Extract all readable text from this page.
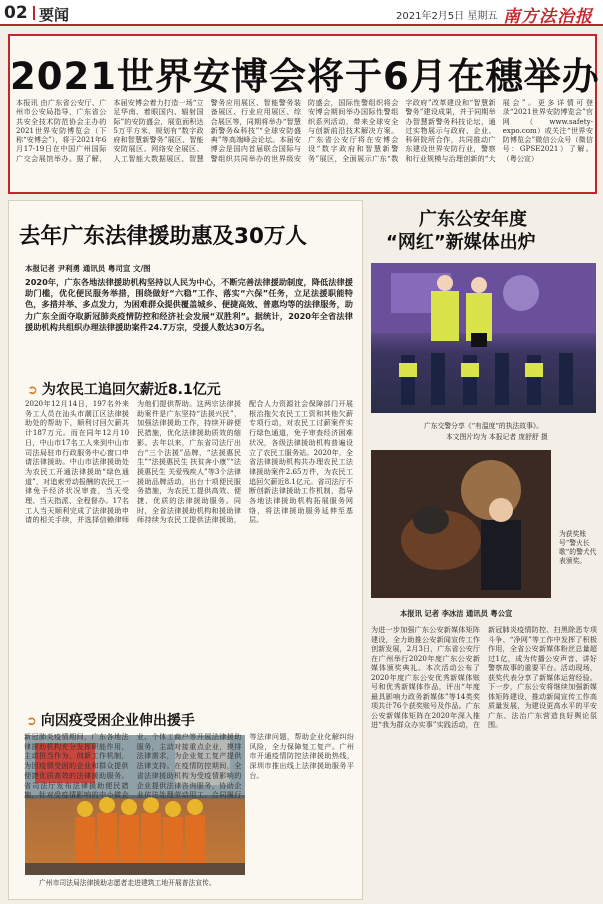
02 要闻	2021年2月5日 星期五 南方法治报
2021世界安博会将于6月在穗举办
本报讯 由广东省公安厅、广州市公安局指导，广东省公共安全技术防范协会主办的2021世界安防博览会（下称“安博会”），将于2021年6月17-19日在中国广州国际广交会展馆举办。据了解，本届安博会着力打造一场“立足华南、着眼国内、辐射国际”的安防盛会，展览面积达5万平方米，规划有“数字政府和智慧新警务”展区、智能安防展区、网络安全展区、人工智能大数据展区、智慧警务应用展区、智能警务装备展区、行业应用展区、综合展区等，同期将举办“智慧新警务&科技”“全球安防盛典”等高端峰会论坛。本届安博会是国内首届联合国际与警组织共同举办的世界级安防盛会，国际性警组织将会安博会期间举办国际性警组织系列活动，带来全球安全与创新前沿技术解决方案。广东省公安厅将在安博会设“数字政府和智慧新警务”展区，全面展示广东“数字政府”改革建设和“智慧新警务”建设成果，并于同期举办智慧新警务科技论坛，通过实物展示与政府、企业、科研院所合作，共同推动广东建设世界安防行业，警察和行业规模与治理创新的“大展会”。更多详情可登录“2021世界安防博览会”官网（www.safety-expo.com）或关注“世界安防博览会”微信公众号（微信号：GPSE2021）了解。（粤公宣）
去年广东法律援助惠及30万人
本报记者 尹利勇 通讯员 粤司宣 文/图
2020年，广东各地法律援助机构坚持以人民为中心，不断完善法律援助制度，降低法律援助门槛，优化便民服务举措，围绕做好“六稳”工作、落实“六保”任务，立足法援职能特色，多措并举、多点发力，为困难群众提供覆盖城乡、便捷高效、普惠均等的法律服务，助力广东全面夺取新冠肺炎疫情防控和经济社会发展“双胜利”。据统计，2020年全省法律援助机构共组织办理法律援助案件24.7万宗，受援人数达30万名。
➲ 为农民工追回欠薪近8.1亿元
2020年12月14日，197名外来务工人员在汕头市潮江区法律援助处的帮助下，顺利讨回欠薪共计187万元。而在同年12月10日，中山市17名工人来到中山市司法局驻市行政服务中心窗口申请法律援助。中山市法律援助处为农民工开通法律援助“绿色通道”，对追索劳动报酬的农民工一律免予经济状况审查，当天受理、当天指派、全程督办。17名工人当天顺利完成了法律援助申请的相关手续，并选择信赖律师为他们提供帮助。这两宗法律援助案件是广东坚持“法援兴民”，加强法律援助工作，持续开辟便民措施，优化法律援助质效的缩影。去年以来，广东省司法厅出台“三个法援”品牌，“法援惠民生”“法援惠民生 扶贫奔小康”“法援惠民生 关爱残疾人”等3个法律援助品牌活动，出台十项便民服务措施，为农民工提供高效、便捷、优质的法律援助服务。同时，全省法律援助机构和援助律师持续为农民工提供法律援助，配合人力资源社会保障部门开展根治拖欠农民工工资和其他欠薪专项行动，对农民工讨薪案件实行绿色通道，免予审查经济困难状况，各级法律援助机构普遍设立了农民工服务站。2020年，全省法律援助机构共办理农民工法律援助案件2.65万件，为农民工追回欠薪近8.1亿元。省司法厅不断创新法律援助工作机制，指导各地法律援助机构拓展服务网络，将法律援助服务延伸至基层。
广州市司法局法律援助志愿者走进建筑工地开展普法宣传。
➲ 向因疫受困企业伸出援手
新冠肺炎疫情期间，广东各地法律援助机构充分发挥职能作用，主动担当作为，创新工作机制，为因疫情受困的企业和群众提供便捷优质高效的法律援助服务。省司法厅发布法律援助便民措施，针对受疫情影响的中小微企业、个体工商户等开展法律援助服务，主动对接重点企业，摸排法律需求，为企业复工复产提供法律支持。在疫情防控期间，全省法律援助机构为受疫情影响的企业提供法律咨询服务，协助企业依法处理劳动用工、合同履行等法律问题，帮助企业化解纠纷风险，全力保障复工复产。广州市开通疫情防控法律援助热线，深圳市推出线上法律援助服务平台。
广东公安年度
“网红”新媒体出炉
广东交警分享《“有温度”的执法故事》。
本文图片均为 本报记者 庞舒舒 摄
为获奖账号“警火长歌”的警犬代表颁奖。
本报讯 记者 李冰洁 通讯员 粤公宣
为进一步加强广东公安新媒体矩阵建设，全力助推公安新闻宣传工作创新发展，2月3日，广东省公安厅在广州举行2020年度广东公安新媒体颁奖典礼。本次活动公布了2020年度广东公安优秀新媒体账号和优秀新媒体作品，评出“年度最具影响力政务新媒体”等14类奖项共计76个获奖账号及作品。广东公安新媒体矩阵在2020年深入推进“我为群众办实事”实践活动，在新冠肺炎疫情防控、扫黑除恶专项斗争、“净网”等工作中发挥了积极作用，全省公安新媒体粉丝总量超过1亿，成为传播公安声音、讲好警察故事的重要平台。活动现场，获奖代表分享了新媒体运营经验。下一步，广东公安将继续加强新媒体矩阵建设，推动新闻宣传工作高质量发展，为建设更高水平的平安广东、法治广东营造良好舆论氛围。
